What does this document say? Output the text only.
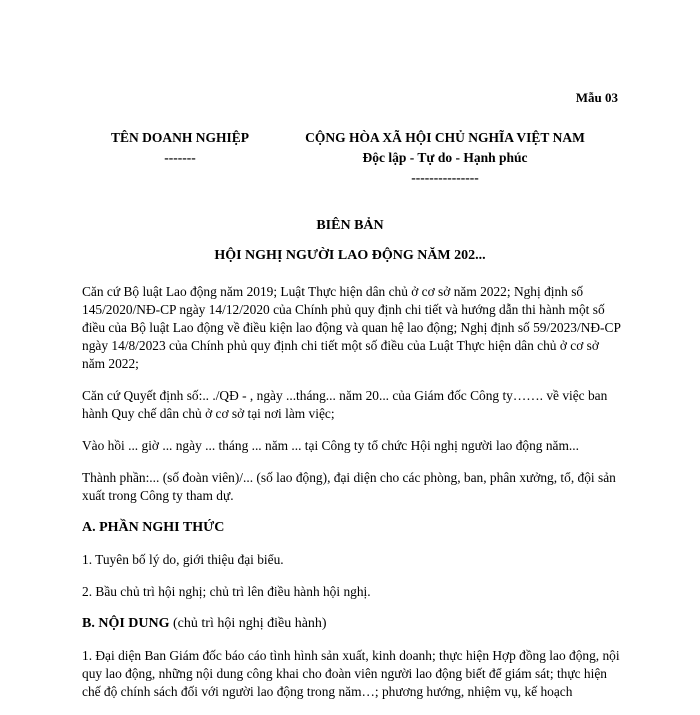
Mẫu 03
TÊN DOANH NGHIỆP
-------
CỘNG HÒA XÃ HỘI CHỦ NGHĨA VIỆT NAM
Độc lập - Tự do - Hạnh phúc
---------------
BIÊN BẢN
HỘI NGHỊ NGƯỜI LAO ĐỘNG NĂM 202...

Căn cứ Bộ luật Lao động năm 2019; Luật Thực hiện dân chủ ở cơ sở năm 2022; Nghị định số 145/2020/NĐ-CP ngày 14/12/2020 của Chính phủ quy định chi tiết và hướng dẫn thi hành một số điều của Bộ luật Lao động về điều kiện lao động và quan hệ lao động; Nghị định số 59/2023/NĐ-CP ngày 14/8/2023 của Chính phủ quy định chi tiết một số điều của Luật Thực hiện dân chủ ở cơ sở năm 2022;

Căn cứ Quyết định số:.. ./QĐ - , ngày ...tháng... năm 20... của Giám đốc Công ty……. về việc ban hành Quy chế dân chủ ở cơ sở tại nơi làm việc;

Vào hồi ... giờ ... ngày ... tháng ... năm ... tại Công ty tổ chức Hội nghị người lao động năm...

Thành phần:... (số đoàn viên)/... (số lao động), đại diện cho các phòng, ban, phân xưởng, tổ, đội sản xuất trong Công ty tham dự.

A. PHẦN NGHI THỨC

1. Tuyên bố lý do, giới thiệu đại biểu.

2. Bầu chủ trì hội nghị; chủ trì lên điều hành hội nghị.

B. NỘI DUNG (chủ trì hội nghị điều hành)

1. Đại diện Ban Giám đốc báo cáo tình hình sản xuất, kinh doanh; thực hiện Hợp đồng lao động, nội quy lao động, những nội dung công khai cho đoàn viên người lao động biết để giám sát; thực hiện chế độ chính sách đối với người lao động trong năm…; phương hướng, nhiệm vụ, kế hoạch
